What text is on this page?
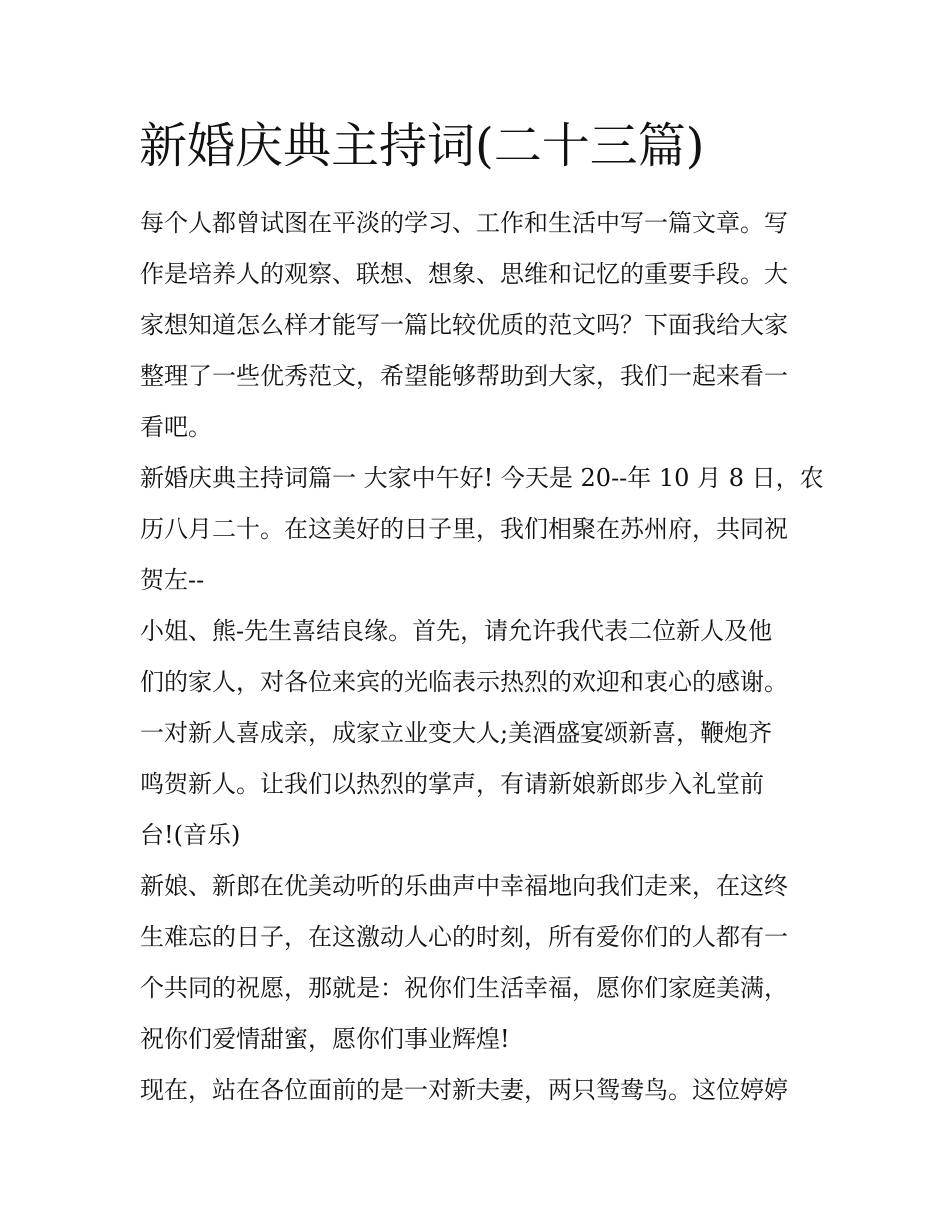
新婚庆典主持词(二十三篇)
每个人都曾试图在平淡的学习、工作和生活中写一篇文章。写
作是培养人的观察、联想、想象、思维和记忆的重要手段。大
家想知道怎么样才能写一篇比较优质的范文吗？下面我给大家
整理了一些优秀范文，希望能够帮助到大家，我们一起来看一
看吧。
新婚庆典主持词篇一 大家中午好! 今天是 20--年 10 月 8 日，农
历八月二十。在这美好的日子里，我们相聚在苏州府，共同祝
贺左--
小姐、熊-先生喜结良缘。首先，请允许我代表二位新人及他
们的家人，对各位来宾的光临表示热烈的欢迎和衷心的感谢。
一对新人喜成亲，成家立业变大人;美酒盛宴颂新喜，鞭炮齐
鸣贺新人。让我们以热烈的掌声，有请新娘新郎步入礼堂前
台!(音乐)
新娘、新郎在优美动听的乐曲声中幸福地向我们走来，在这终
生难忘的日子，在这激动人心的时刻，所有爱你们的人都有一
个共同的祝愿，那就是：祝你们生活幸福，愿你们家庭美满，
祝你们爱情甜蜜，愿你们事业辉煌!
现在，站在各位面前的是一对新夫妻，两只鸳鸯鸟。这位婷婷
